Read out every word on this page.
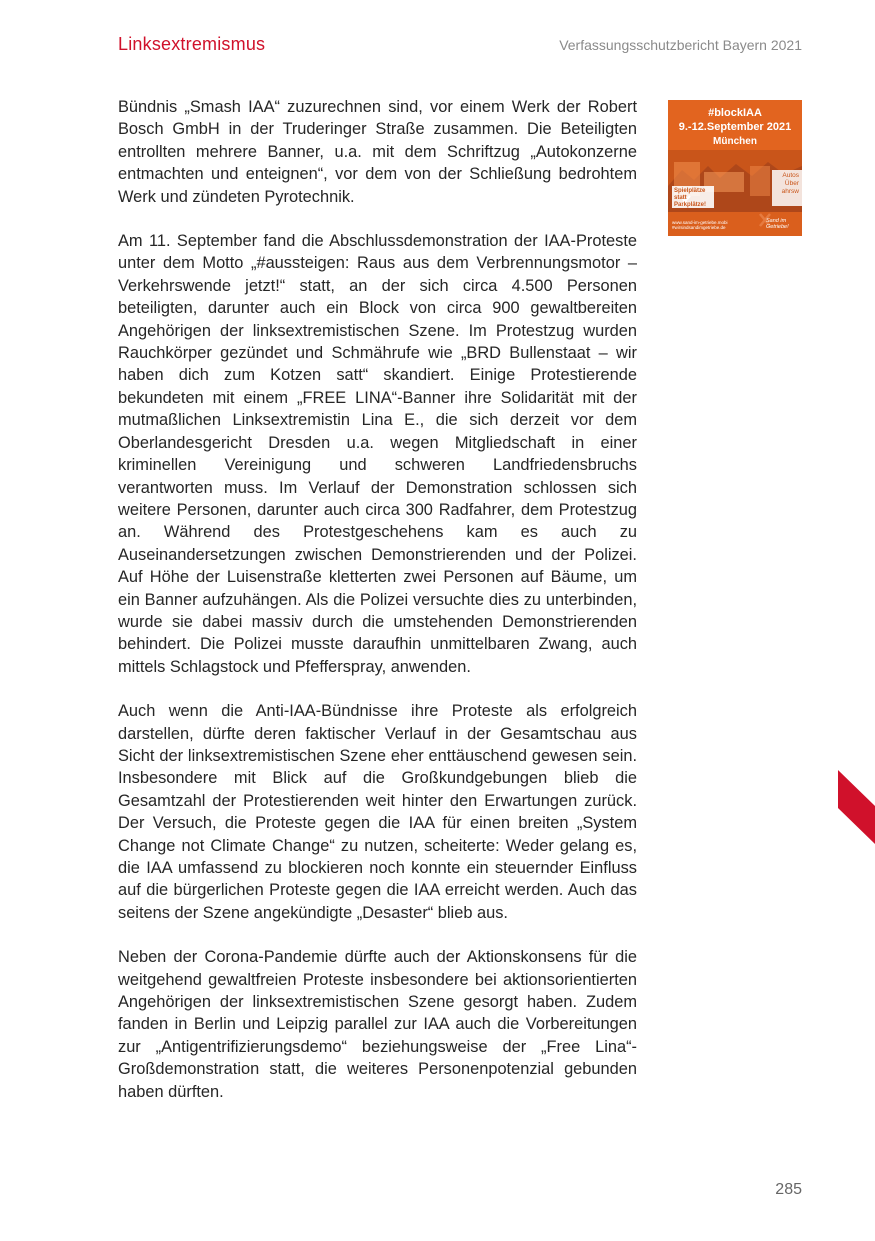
Linksextremismus	Verfassungsschutzbericht Bayern 2021
#blockIAA
9.-12.September 2021
München
Spielplätze statt Parkplätze!
Autos
Über
ahrsw
www.sand-im-getriebe.mobi #wirsindsandimgetriebe.de
Sand im Getriebe!

Bündnis „Smash IAA“ zuzurechnen sind, vor einem Werk der Robert Bosch GmbH in der Truderinger Straße zusammen. Die Beteiligten entrollten mehrere Banner, u.a. mit dem Schriftzug „Autokonzerne entmachten und enteignen“, vor dem von der Schließung bedrohtem Werk und zündeten Pyrotechnik.

Am 11. September fand die Abschlussdemonstration der IAA-Proteste unter dem Motto „#aussteigen: Raus aus dem Verbrennungsmotor – Verkehrswende jetzt!“ statt, an der sich circa 4.500 Personen beteiligten, darunter auch ein Block von circa 900 gewaltbereiten Angehörigen der linksextremistischen Szene. Im Protestzug wurden Rauchkörper gezündet und Schmährufe wie „BRD Bullenstaat – wir haben dich zum Kotzen satt“ skandiert. Einige Protestierende bekundeten mit einem „FREE LINA“-Banner ihre Solidarität mit der mutmaßlichen Linksextremistin Lina E., die sich derzeit vor dem Oberlandesgericht Dresden u.a. wegen Mitgliedschaft in einer kriminellen Vereinigung und schweren Landfriedensbruchs verantworten muss. Im Verlauf der Demonstration schlossen sich weitere Personen, darunter auch circa 300 Radfahrer, dem Protestzug an. Während des Protestgeschehens kam es auch zu Auseinandersetzungen zwischen Demonstrierenden und der Polizei. Auf Höhe der Luisenstraße kletterten zwei Personen auf Bäume, um ein Banner aufzuhängen. Als die Polizei versuchte dies zu unterbinden, wurde sie dabei massiv durch die umstehenden Demonstrierenden behindert. Die Polizei musste daraufhin unmittelbaren Zwang, auch mittels Schlagstock und Pfefferspray, anwenden.

Auch wenn die Anti-IAA-Bündnisse ihre Proteste als erfolgreich darstellen, dürfte deren faktischer Verlauf in der Gesamtschau aus Sicht der linksextremistischen Szene eher enttäuschend gewesen sein. Insbesondere mit Blick auf die Großkundgebungen blieb die Gesamtzahl der Protestierenden weit hinter den Erwartungen zurück. Der Versuch, die Proteste gegen die IAA für einen breiten „System Change not Climate Change“ zu nutzen, scheiterte: Weder gelang es, die IAA umfassend zu blockieren noch konnte ein steuernder Einfluss auf die bürgerlichen Proteste gegen die IAA erreicht werden. Auch das seitens der Szene angekündigte „Desaster“ blieb aus.

Neben der Corona-Pandemie dürfte auch der Aktionskonsens für die weitgehend gewaltfreien Proteste insbesondere bei aktionsorientierten Angehörigen der linksextremistischen Szene gesorgt haben. Zudem fanden in Berlin und Leipzig parallel zur IAA auch die Vorbereitungen zur „Antigentrifizierungsdemo“ beziehungsweise der „Free Lina“-Großdemonstration statt, die weiteres Personenpotenzial gebunden haben dürften.

285
